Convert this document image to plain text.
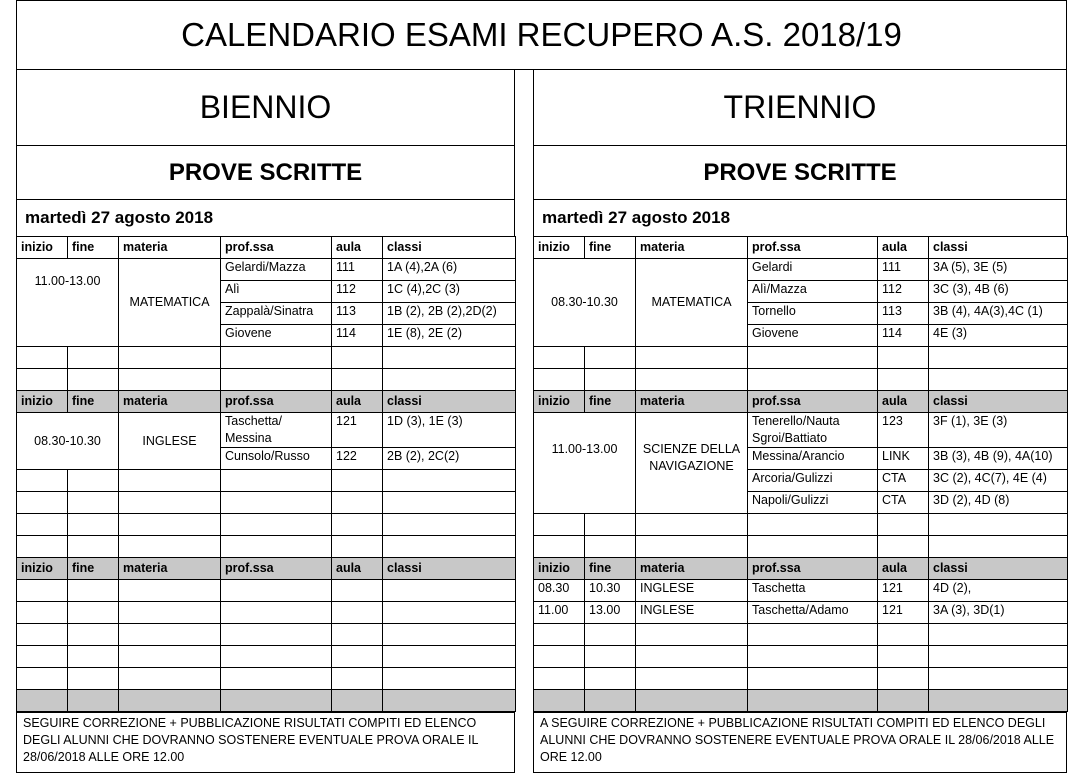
CALENDARIO ESAMI RECUPERO A.S. 2018/19
BIENNIO
PROVE SCRITTE
martedì 27 agosto 2018
inizio	fine	materia	prof.ssa	aula	classi
11.00-13.00		MATEMATICA	Gelardi/Mazza	111	1A (4),2A (6)
			Alì	112	1C (4),2C (3)
			Zappalà/Sinatra	113	1B (2), 2B (2),2D(2)
			Giovene	114	1E (8), 2E (2)

inizio	fine	materia	prof.ssa	aula	classi
08.30-10.30		INGLESE	Taschetta/ Messina	121	1D (3), 1E (3)
			Cunsolo/Russo	122	2B (2), 2C(2)

inizio	fine	materia	prof.ssa	aula	classi

SEGUIRE CORREZIONE + PUBBLICAZIONE RISULTATI COMPITI ED ELENCO DEGLI ALUNNI CHE DOVRANNO SOSTENERE EVENTUALE PROVA ORALE IL 28/06/2018 ALLE ORE 12.00
TRIENNIO
PROVE SCRITTE
martedì 27 agosto 2018
inizio	fine	materia	prof.ssa	aula	classi
08.30-10.30		MATEMATICA	Gelardi	111	3A (5), 3E (5)
			Alì/Mazza	112	3C (3), 4B (6)
			Tornello	113	3B (4), 4A(3),4C (1)
			Giovene	114	4E (3)

inizio	fine	materia	prof.ssa	aula	classi
11.00-13.00		SCIENZE DELLA NAVIGAZIONE	Tenerello/Nauta Sgroi/Battiato	123	3F (1), 3E (3)
			Messina/Arancio	LINK	3B (3), 4B (9), 4A(10)
			Arcoria/Gulizzi	CTA	3C (2), 4C(7), 4E (4)
			Napoli/Gulizzi	CTA	3D (2), 4D (8)

inizio	fine	materia	prof.ssa	aula	classi
08.30	10.30	INGLESE	Taschetta	121	4D (2),
11.00	13.00	INGLESE	Taschetta/Adamo	121	3A (3), 3D(1)

A SEGUIRE CORREZIONE + PUBBLICAZIONE RISULTATI COMPITI ED ELENCO DEGLI ALUNNI CHE DOVRANNO SOSTENERE EVENTUALE PROVA ORALE IL 28/06/2018 ALLE ORE 12.00
